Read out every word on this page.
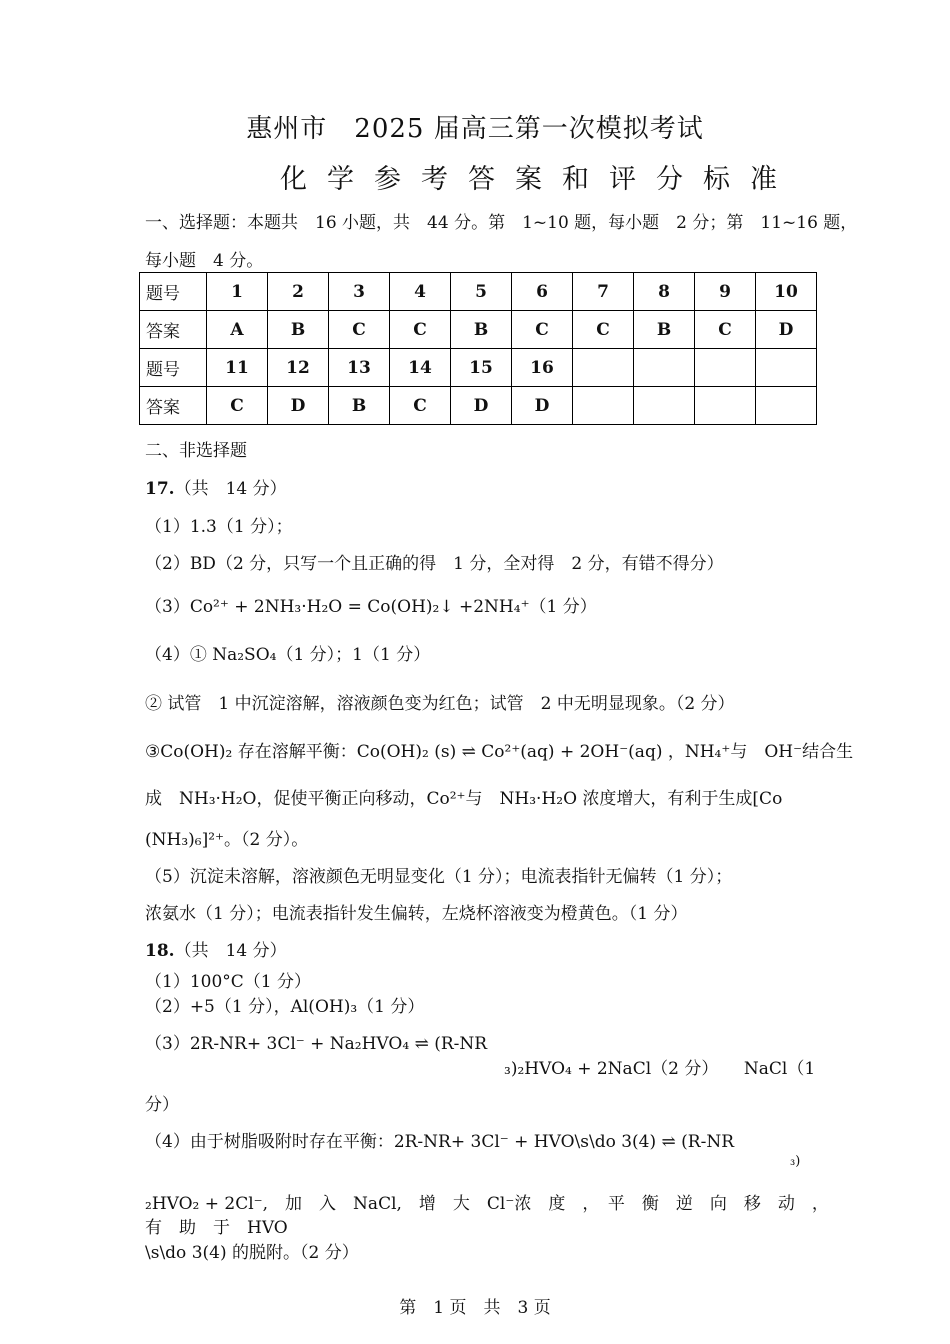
惠州市　2025 届高三第一次模拟考试
化学参考答案和评分标准
一、选择题：本题共　16 小题，共　44 分。第　1~10 题，每小题　2 分；第　11~16 题，
每小题　4 分。
题号	1	2	3	4	5	6	7	8	9	10
答案	A	B	C	C	B	C	C	B	C	D
题号	11	12	13	14	15	16				
答案	C	D	B	C	D	D				
二、非选择题
17.（共　14 分）
（1）1.3（1 分）；
（2）BD（2 分，只写一个且正确的得　1 分，全对得　2 分，有错不得分）
（3）Co²⁺ + 2NH₃·H₂O = Co(OH)₂↓ +2NH₄⁺（1 分）
（4）① Na₂SO₄（1 分）；1（1 分）
② 试管　1 中沉淀溶解，溶液颜色变为红色；试管　2 中无明显现象。（2 分）
③Co(OH)₂ 存在溶解平衡：Co(OH)₂ (s) ⇌ Co²⁺(aq) + 2OH⁻(aq) ，NH₄⁺与　OH⁻结合生
成　NH₃·H₂O，促使平衡正向移动，Co²⁺与　NH₃·H₂O 浓度增大，有利于生成[Co
(NH₃)₆]²⁺。（2 分）。
（5）沉淀未溶解，溶液颜色无明显变化（1 分）；电流表指针无偏转（1 分）；
浓氨水（1 分）；电流表指针发生偏转，左烧杯溶液变为橙黄色。（1 分）
18.（共　14 分）
（1）100°C（1 分）
（2）+5（1 分），Al(OH)₃（1 分）
（3）2R-NR+ 3Cl⁻ + Na₂HVO₄ ⇌ (R-NR
₃)₂HVO₄ + 2NaCl（2 分）　　NaCl（1
分）
（4）由于树脂吸附时存在平衡：2R-NR+ 3Cl⁻ + HVO\s\do 3(4) ⇌ (R-NR
₃)
₂HVO₂ + 2Cl⁻,　加　入　NaCl,　增　大　Cl⁻浓　度　，　平　衡　逆　向　移　动　，
有　助　于　HVO
\s\do 3(4) 的脱附。（2 分）
第　1 页　共　3 页
